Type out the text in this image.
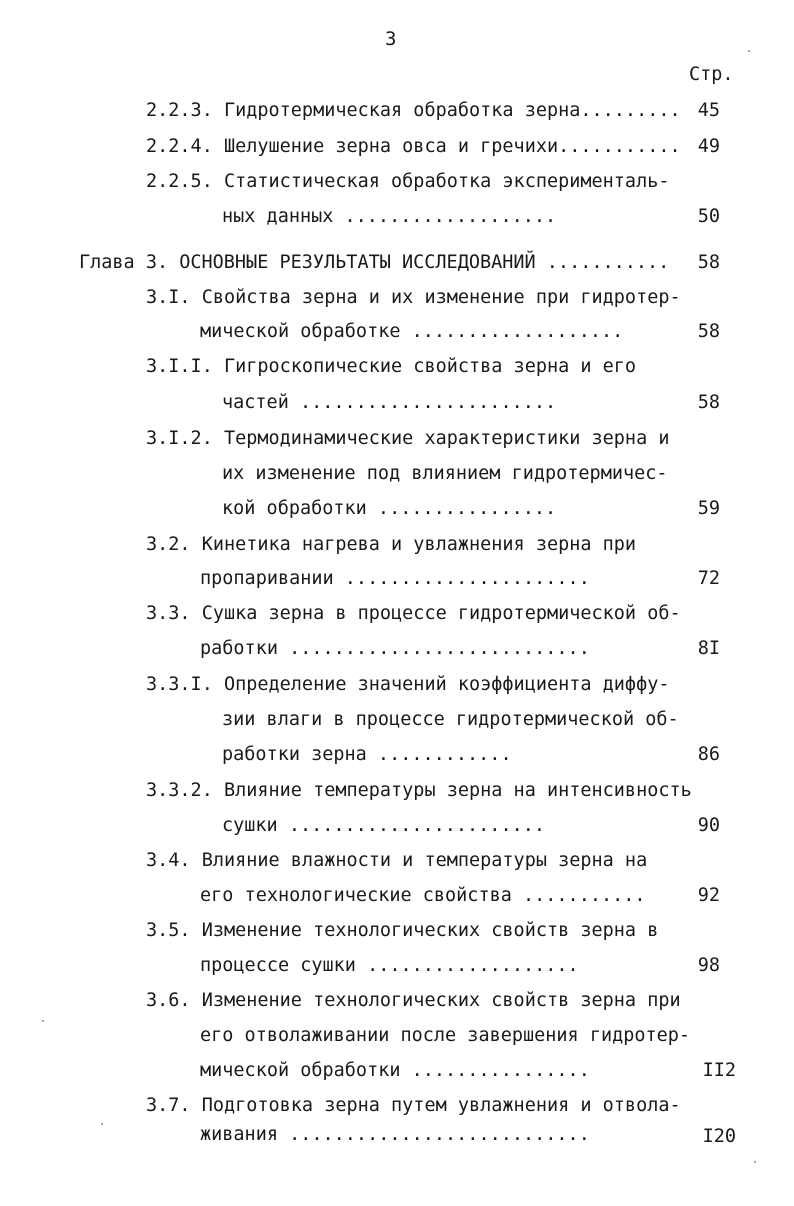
3
Стр.
2.2.3. Гидротермическая обработка зерна......... 45
2.2.4. Шелушение зерна овса и гречихи........... 49
2.2.5. Статистическая обработка эксперименталь-
ных данных ...................	50
Глава 3. ОСНОВНЫЕ РЕЗУЛЬТАТЫ ИССЛЕДОВАНИЙ ...........	58
3.I. Свойства зерна и их изменение при гидротер-
мической обработке ...................	58
3.I.I. Гигроскопические свойства зерна и его
частей .......................	58
3.I.2. Термодинамические характеристики зерна и
их изменение под влиянием гидротермичес-
кой обработки ................	59
3.2. Кинетика нагрева и увлажнения зерна при
пропаривании ......................	72
3.3. Сушка зерна в процессе гидротермической об-
работки ...........................	8I
3.3.I. Определение значений коэффициента диффу-
зии влаги в процессе гидротермической об-
работки зерна ............	86
3.3.2. Влияние температуры зерна на интенсивность
сушки .......................	90
3.4. Влияние влажности и температуры зерна на
его технологические свойства ...........	92
3.5. Изменение технологических свойств зерна в
процессе сушки ...................	98
3.6. Изменение технологических свойств зерна при
его отволаживании после завершения гидротер-
мической обработки ................	II2
3.7. Подготовка зерна путем увлажнения и отвола-
живания ...........................	I20
